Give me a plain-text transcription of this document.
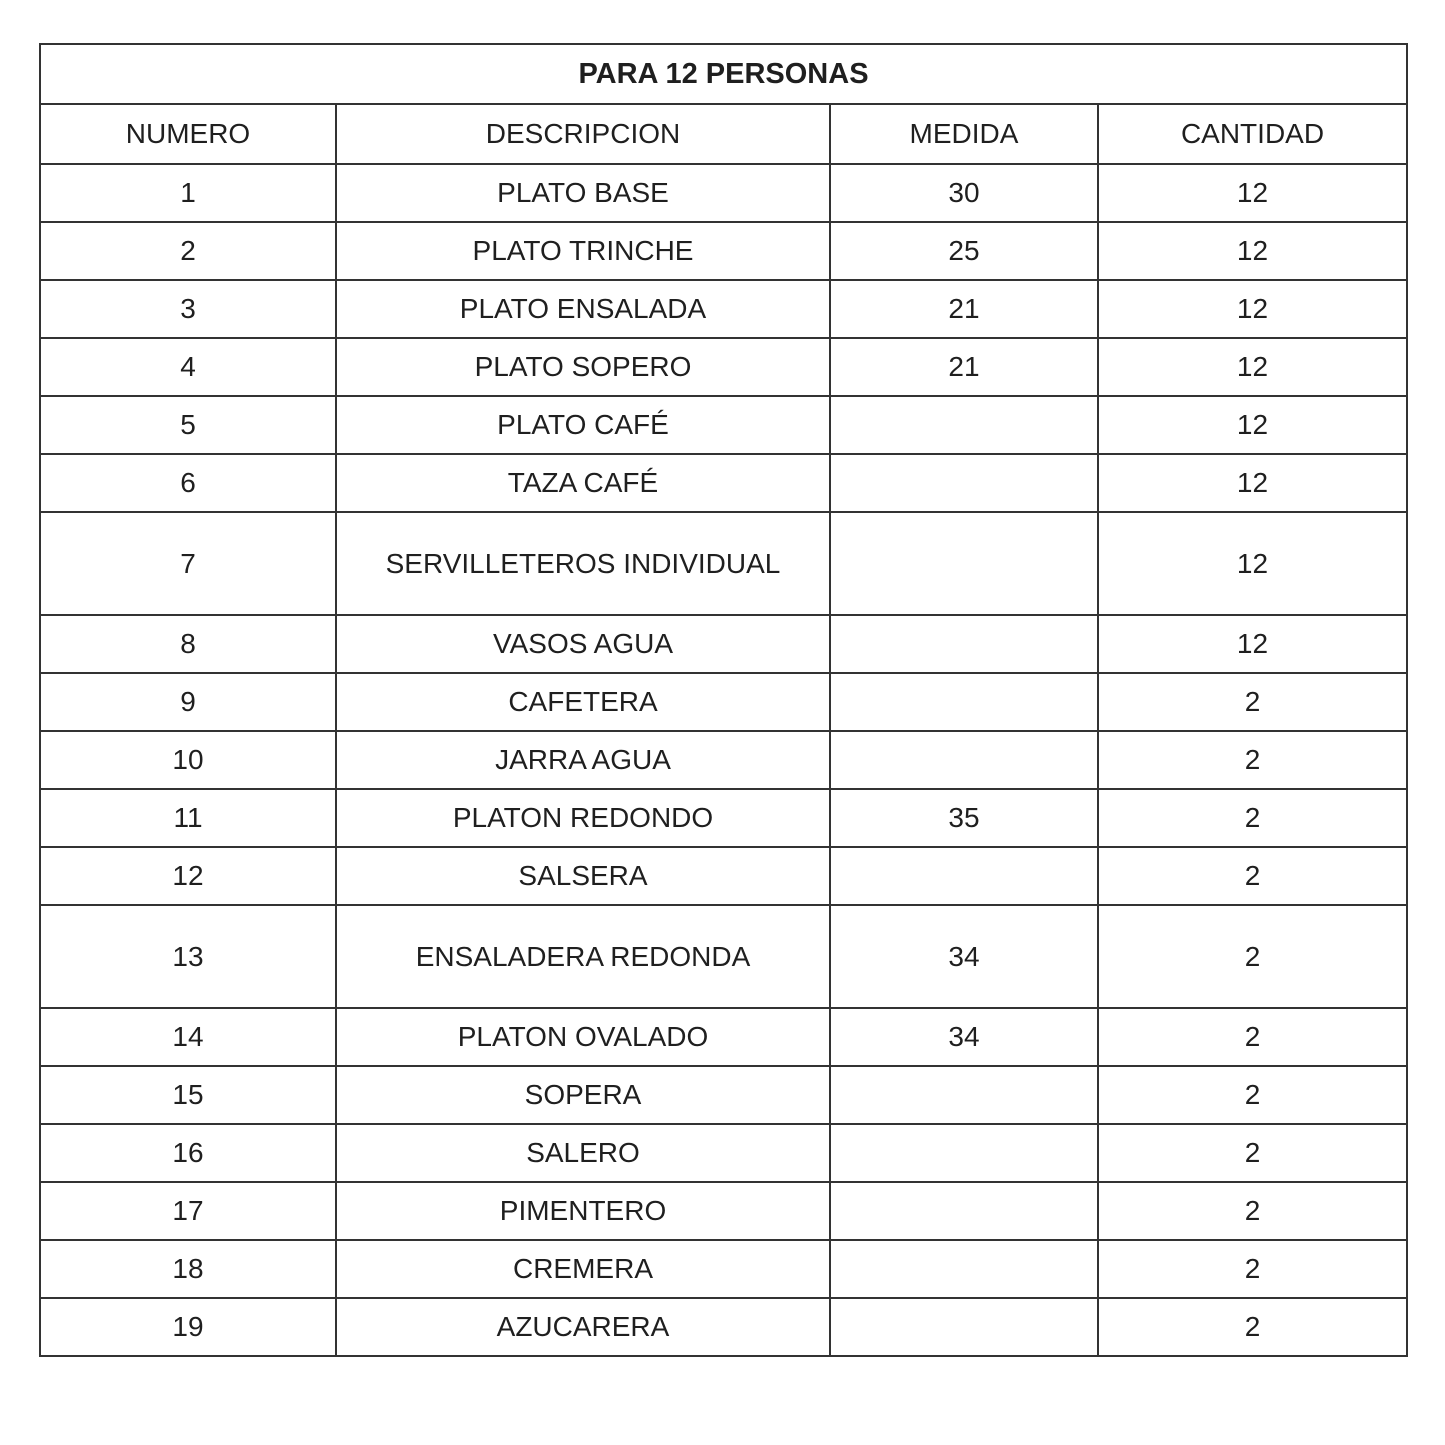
PARA 12 PERSONAS			
NUMERO	DESCRIPCION	MEDIDA	CANTIDAD
1	PLATO BASE	30	12
2	PLATO TRINCHE	25	12
3	PLATO ENSALADA	21	12
4	PLATO SOPERO	21	12
5	PLATO CAFÉ		12
6	TAZA CAFÉ		12
7	SERVILLETEROS INDIVIDUAL		12
8	VASOS AGUA		12
9	CAFETERA		2
10	JARRA AGUA		2
11	PLATON REDONDO	35	2
12	SALSERA		2
13	ENSALADERA REDONDA	34	2
14	PLATON OVALADO	34	2
15	SOPERA		2
16	SALERO		2
17	PIMENTERO		2
18	CREMERA		2
19	AZUCARERA		2
